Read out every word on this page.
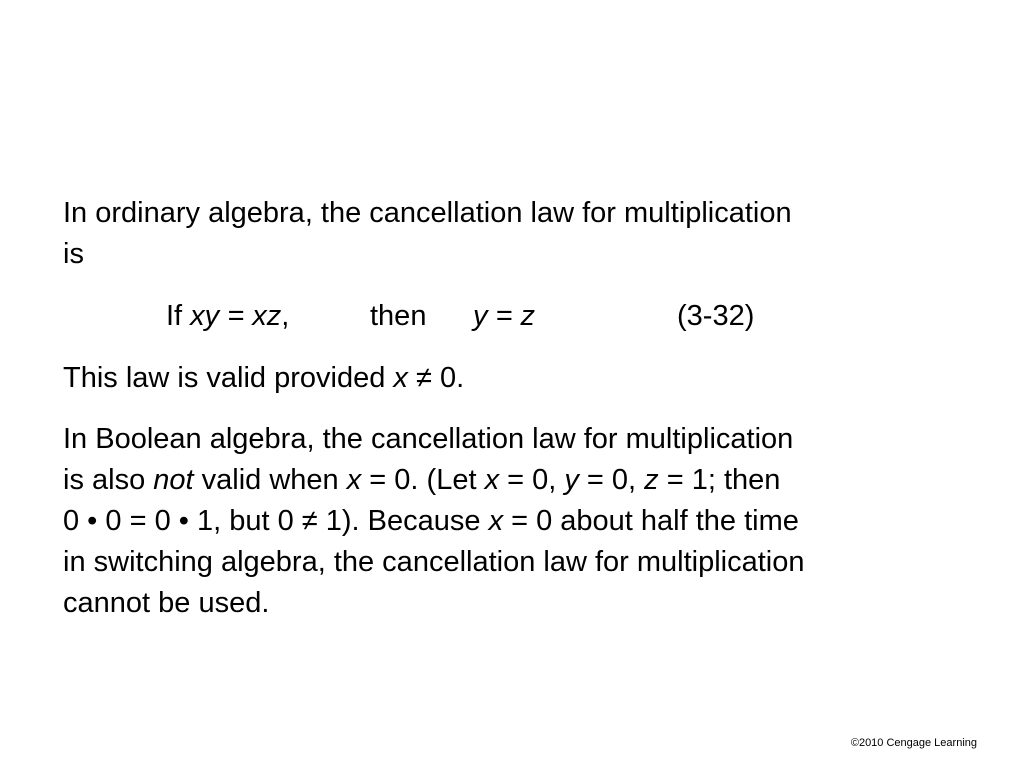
In ordinary algebra, the cancellation law for multiplication
is

If xy = xz,	then y = z	(3-32)

This law is valid provided x ≠ 0.

In Boolean algebra, the cancellation law for multiplication
is also not valid when x = 0. (Let x = 0, y = 0, z = 1; then
0 • 0 = 0 • 1, but 0 ≠ 1). Because x = 0 about half the time
in switching algebra, the cancellation law for multiplication
cannot be used.

©2010 Cengage Learning
